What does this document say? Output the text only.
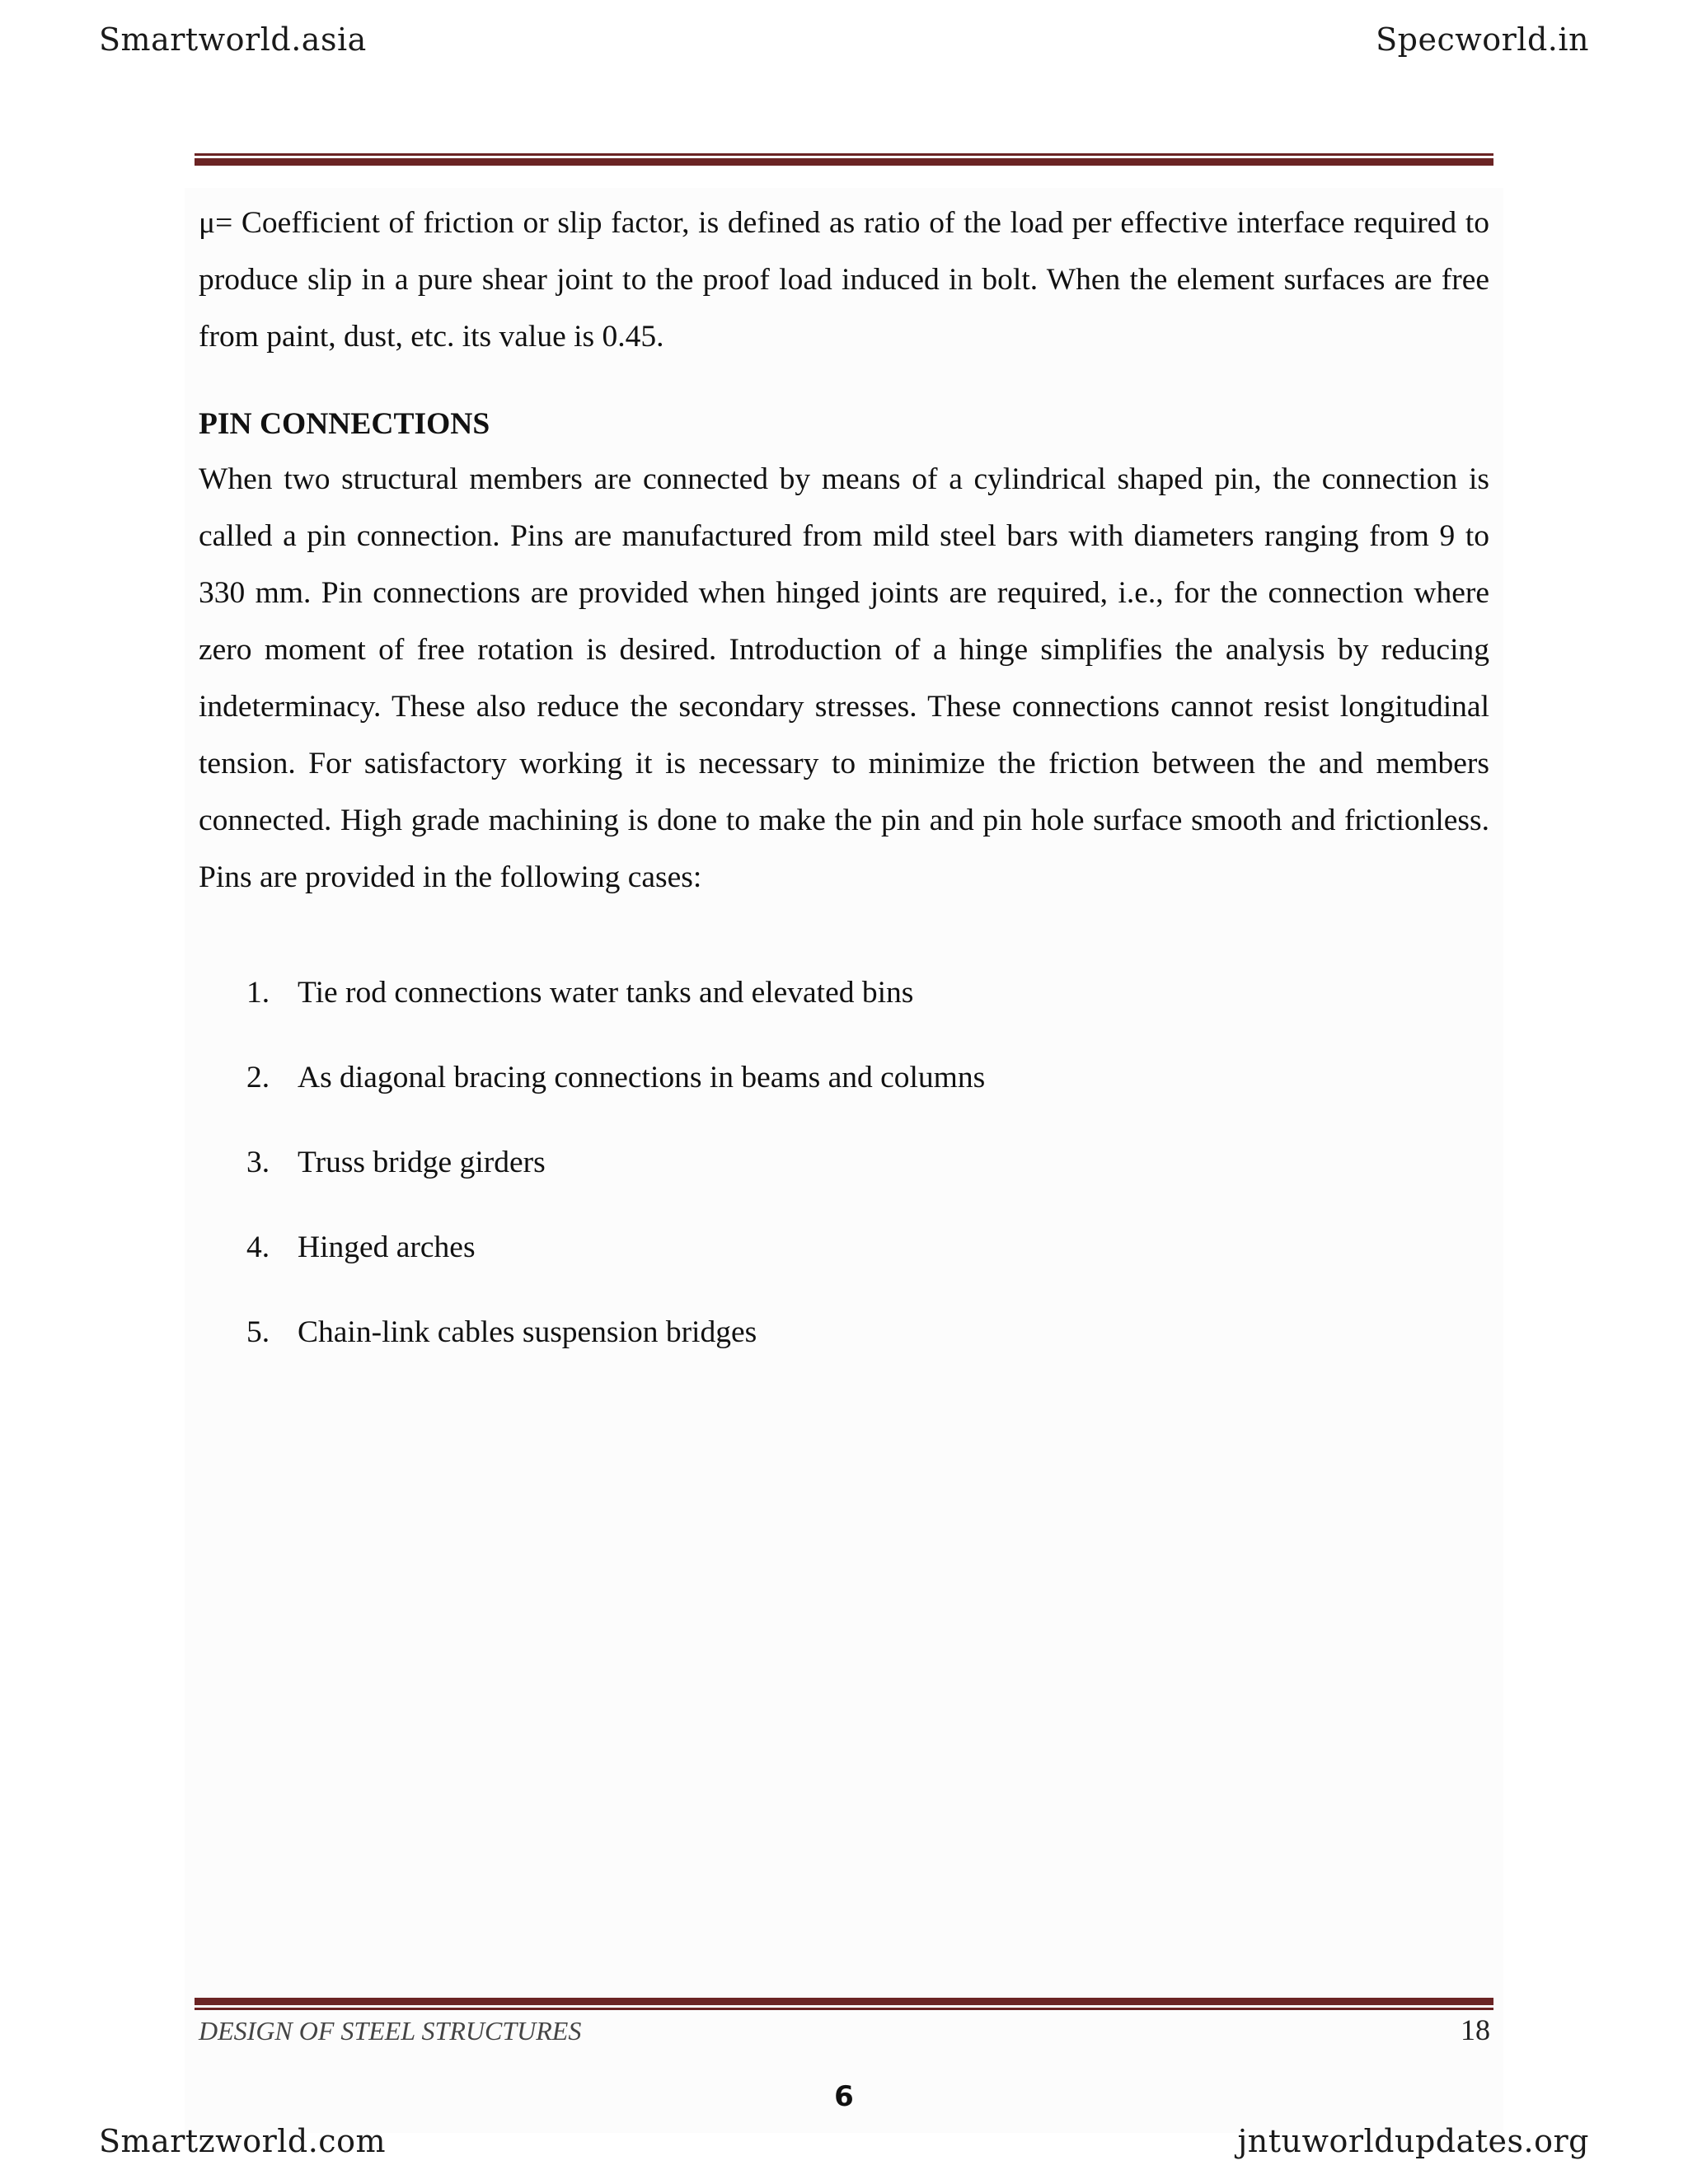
Smartworld.asia	Specworld.in
μ= Coefficient of friction or slip factor, is defined as ratio of the load per effective interface required to produce slip in a pure shear joint to the proof load induced in bolt. When the element surfaces are free from paint, dust, etc. its value is 0.45.
PIN CONNECTIONS
When two structural members are connected by means of a cylindrical shaped pin, the connection is called a pin connection. Pins are manufactured from mild steel bars with diameters ranging from 9 to 330 mm. Pin connections are provided when hinged joints are required, i.e., for the connection where zero moment of free rotation is desired. Introduction of a hinge simplifies the analysis by reducing indeterminacy. These also reduce the secondary stresses. These connections cannot resist longitudinal tension. For satisfactory working it is necessary to minimize the friction between the and members connected. High grade machining is done to make the pin and pin hole surface smooth and frictionless. Pins are provided in the following cases:
1. Tie rod connections water tanks and elevated bins
2. As diagonal bracing connections in beams and columns
3. Truss bridge girders
4. Hinged arches
5. Chain-link cables suspension bridges
DESIGN OF STEEL STRUCTURES	18
6
Smartzworld.com	jntuworldupdates.org
